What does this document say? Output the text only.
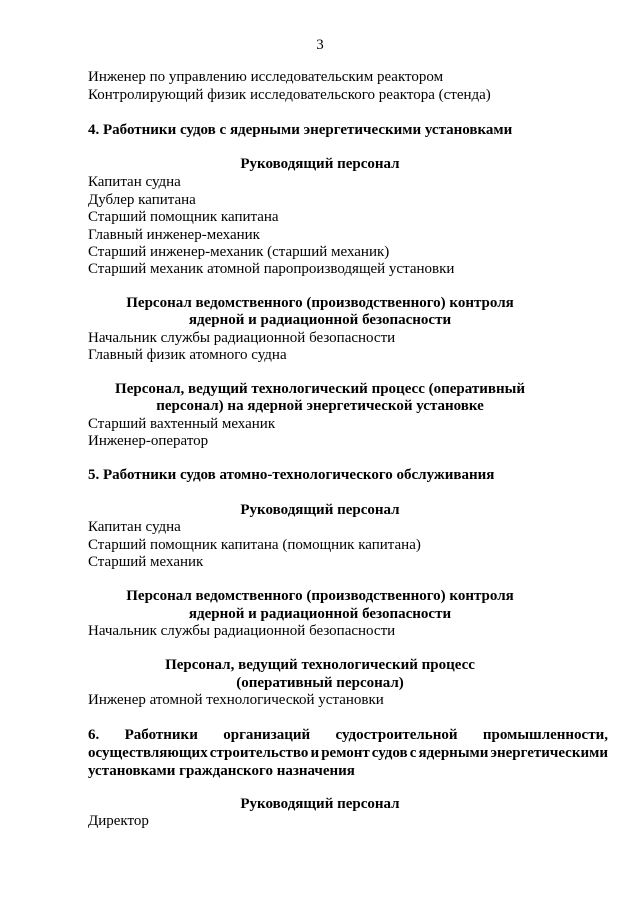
3
Инженер по управлению исследовательским реактором
Контролирующий физик исследовательского реактора (стенда)
4. Работники судов с ядерными энергетическими установками
Руководящий персонал
Капитан судна
Дублер капитана
Старший помощник капитана
Главный инженер-механик
Старший инженер-механик (старший механик)
Старший механик атомной паропроизводящей установки
Персонал ведомственного (производственного) контроля
ядерной и радиационной безопасности
Начальник службы радиационной безопасности
Главный физик атомного судна
Персонал, ведущий технологический процесс (оперативный
персонал) на ядерной энергетической установке
Старший вахтенный механик
Инженер-оператор
5. Работники судов атомно-технологического обслуживания
Руководящий персонал
Капитан судна
Старший помощник капитана (помощник капитана)
Старший механик
Персонал ведомственного (производственного) контроля
ядерной и радиационной безопасности
Начальник службы радиационной безопасности
Персонал, ведущий технологический процесс
(оперативный персонал)
Инженер атомной технологической установки
6. Работники организаций судостроительной промышленности,
осуществляющих строительство и ремонт судов с ядерными энергетическими
установками гражданского назначения
Руководящий персонал
Директор
